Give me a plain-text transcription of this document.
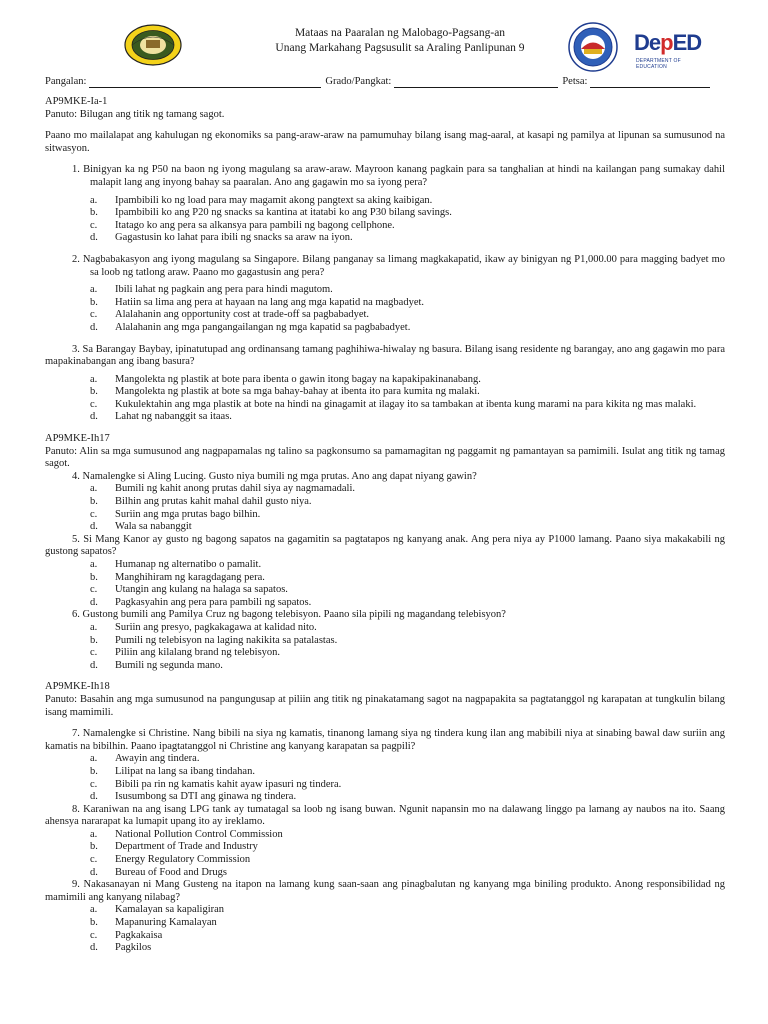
Mataas na Paaralan ng Malobago-Pagsang-an
Unang Markahang Pagsusulit sa Araling Panlipunan 9	DepED
DEPARTMENT OF EDUCATION
Pangalan:	Grado/Pangkat:	Petsa:

AP9MKE-Ia-1

Panuto: Bilugan ang titik ng tamang sagot.

Paano mo mailalapat ang kahulugan ng ekonomiks sa pang-araw-araw na pamumuhay bilang isang mag-aaral, at kasapi ng pamilya at lipunan sa sumusunod na sitwasyon.

1. Binigyan ka ng P50 na baon ng iyong magulang sa araw-araw. Mayroon kanang pagkain para sa tanghalian at hindi na kailangan pang sumakay dahil malapit lang ang inyong bahay sa paaralan. Ano ang gagawin mo sa iyong pera?

a. Ipambibili ko ng load para may magamit akong pangtext sa aking kaibigan.
b. Ipambibili ko ang P20 ng snacks sa kantina at itatabi ko ang P30 bilang savings.
c. Itatago ko ang pera sa alkansya para pambili ng bagong cellphone.
d. Gagastusin ko lahat para ibili ng snacks sa araw na iyon.

2. Nagbabakasyon ang iyong magulang sa Singapore. Bilang panganay sa limang magkakapatid, ikaw ay binigyan ng P1,000.00 para magging badyet mo sa loob ng tatlong araw. Paano mo gagastusin ang pera?

a. Ibili lahat ng pagkain ang pera para hindi magutom.
b. Hatiin sa lima ang pera at hayaan na lang ang mga kapatid na magbadyet.
c. Alalahanin ang opportunity cost at trade-off sa pagbabadyet.
d. Alalahanin ang mga pangangailangan ng mga kapatid sa pagbabadyet.

3. Sa Barangay Baybay, ipinatutupad ang ordinansang tamang paghihiwa-hiwalay ng basura. Bilang isang residente ng barangay, ano ang gagawin mo para mapakinabangan ang ibang basura?

a. Mangolekta ng plastik at bote para ibenta o gawin itong bagay na kapakipakinanabang.
b. Mangolekta ng plastik at bote sa mga bahay-bahay at ibenta ito para kumita ng malaki.
c. Kukulektahin ang mga plastik at bote na hindi na ginagamit at ilagay ito sa tambakan at ibenta kung marami na para kikita ng mas malaki.
d. Lahat ng nabanggit sa itaas.

AP9MKE-Ih17

Panuto: Alin sa mga sumusunod ang nagpapamalas ng talino sa pagkonsumo sa pamamagitan ng paggamit ng pamantayan sa pamimili. Isulat ang titik ng tamag sagot.

4. Namalengke si Aling Lucing. Gusto niya bumili ng mga prutas. Ano ang dapat niyang gawin?

a. Bumili ng kahit anong prutas dahil siya ay nagmamadali.
b. Bilhin ang prutas kahit mahal dahil gusto niya.
c. Suriin ang mga prutas bago bilhin.
d. Wala sa nabanggit

5. Si Mang Kanor ay gusto ng bagong sapatos na gagamitin sa pagtatapos ng kanyang anak. Ang pera niya ay P1000 lamang. Paano siya makakabili ng gustong sapatos?

a. Humanap ng alternatibo o pamalit.
b. Manghihiram ng karagdagang pera.
c. Utangin ang kulang na halaga sa sapatos.
d. Pagkasyahin ang pera para pambili ng sapatos.

6. Gustong bumili ang Pamilya Cruz ng bagong telebisyon. Paano sila pipili ng magandang telebisyon?

a. Suriin ang presyo, pagkakagawa at kalidad nito.
b. Pumili ng telebisyon na laging nakikita sa patalastas.
c. Piliin ang kilalang brand ng telebisyon.
d. Bumili ng segunda mano.

AP9MKE-Ih18

Panuto: Basahin ang mga sumusunod na pangungusap at piliin ang titik ng pinakatamang sagot na nagpapakita sa pagtatanggol ng karapatan at tungkulin bilang isang mamimili.

7. Namalengke si Christine. Nang bibili na siya ng kamatis, tinanong lamang siya ng tindera kung ilan ang mabibili niya at sinabing bawal daw suriin ang kamatis na bibilhin. Paano ipagtatanggol ni Christine ang kanyang karapatan sa pagpili?

a. Awayin ang tindera.
b. Lilipat na lang sa ibang tindahan.
c. Bibili pa rin ng kamatis kahit ayaw ipasuri ng tindera.
d. Isusumbong sa DTI ang ginawa ng tindera.

8. Karaniwan na ang isang LPG tank ay tumatagal sa loob ng isang buwan. Ngunit napansin mo na dalawang linggo pa lamang ay naubos na ito. Saang ahensya nararapat ka lumapit upang ito ay ireklamo.

a. National Pollution Control Commission
b. Department of Trade and Industry
c. Energy Regulatory Commission
d. Bureau of Food and Drugs

9. Nakasanayan ni Mang Gusteng na itapon na lamang kung saan-saan ang pinagbalutan ng kanyang mga biniling produkto. Anong responsibilidad ng mamimili ang kanyang nilabag?

a. Kamalayan sa kapaligiran
b. Mapanuring Kamalayan
c. Pagkakaisa
d. Pagkilos
